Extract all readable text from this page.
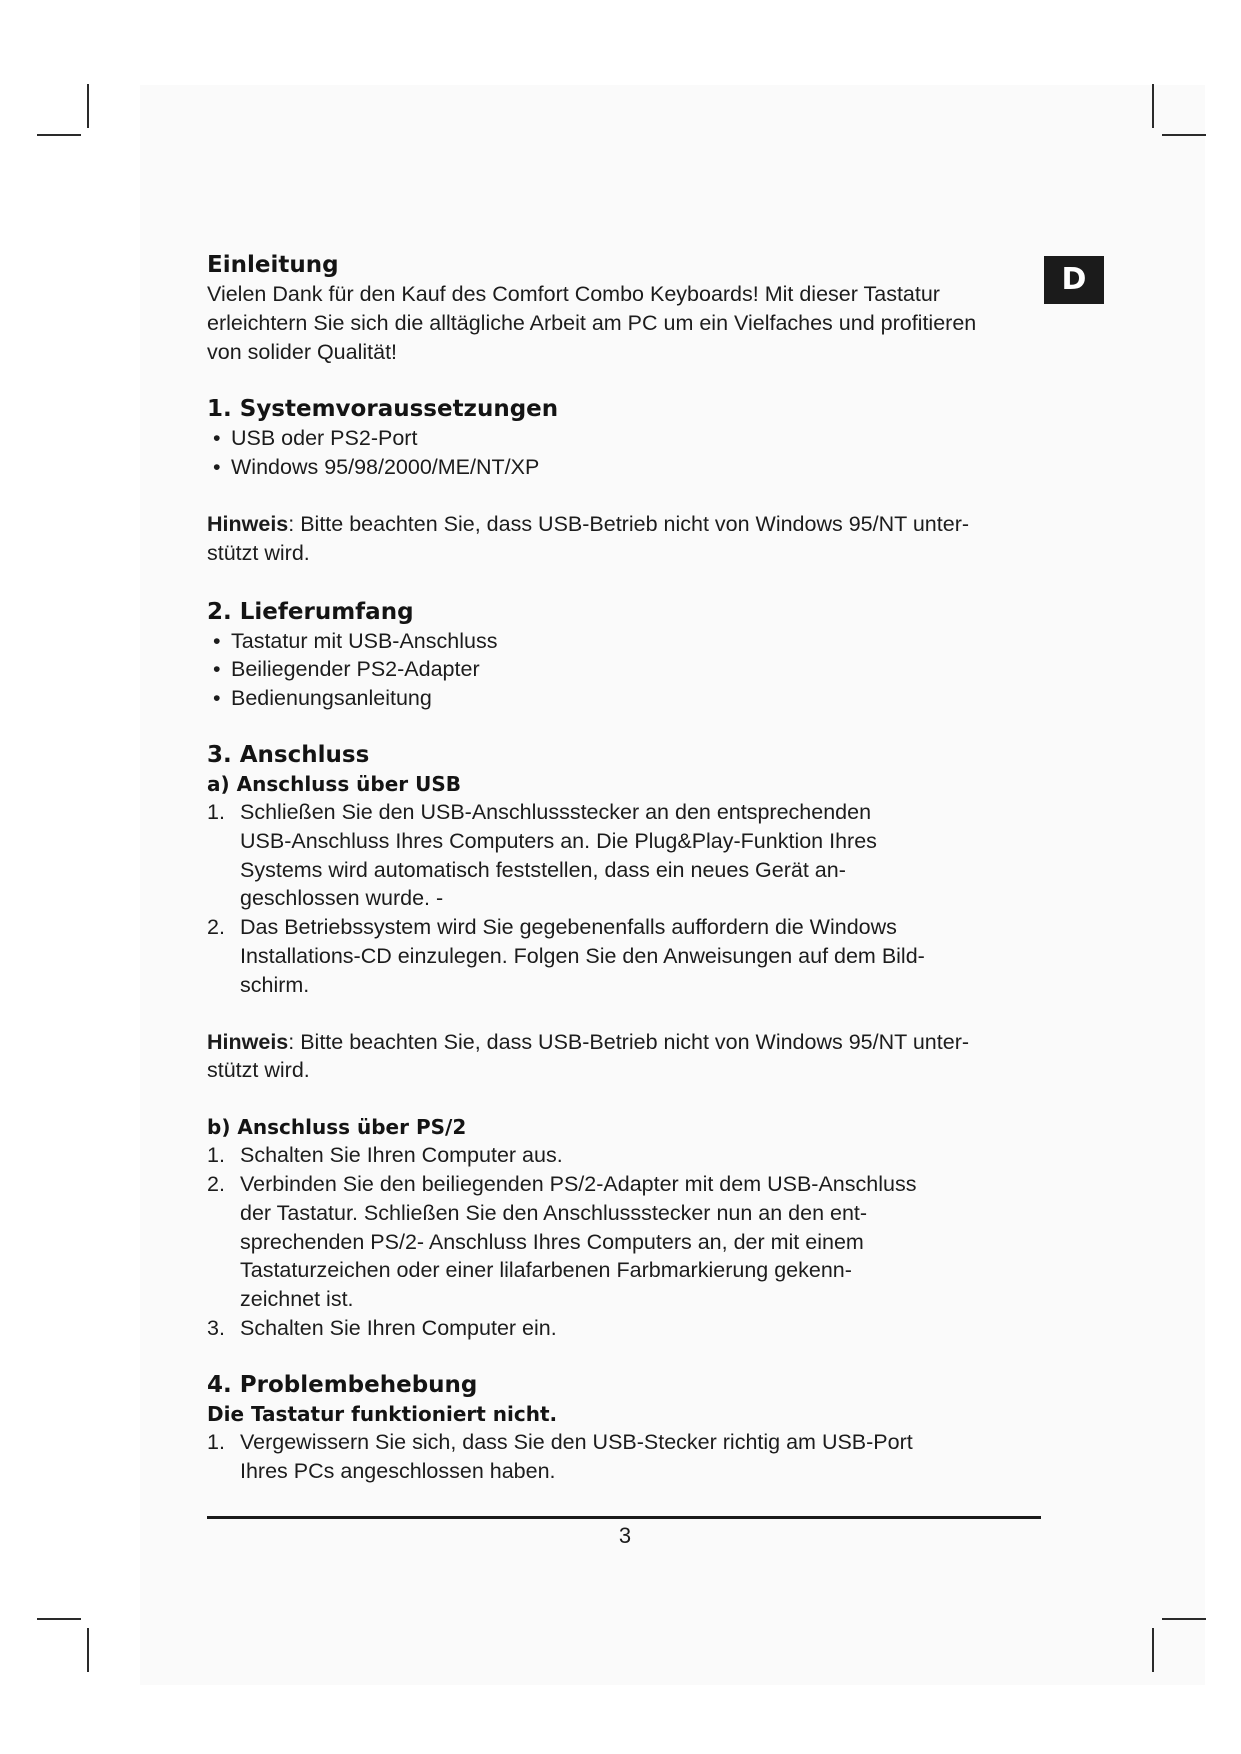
D
Einleitung

Vielen Dank für den Kauf des Comfort Combo Keyboards! Mit dieser Tastatur

erleichtern Sie sich die alltägliche Arbeit am PC um ein Vielfaches und profitieren

von solider Qualität!

1. Systemvoraussetzungen
• USB oder PS2-Port
• Windows 95/98/2000/ME/NT/XP

Hinweis: Bitte beachten Sie, dass USB-Betrieb nicht von Windows 95/NT unter-

stützt wird.

2. Lieferumfang
• Tastatur mit USB-Anschluss
• Beiliegender PS2-Adapter
• Bedienungsanleitung
3. Anschluss
a) Anschluss über USB
1. Schließen Sie den USB-Anschlussstecker an den entsprechenden

USB-Anschluss Ihres Computers an. Die Plug&Play-Funktion Ihres

Systems wird automatisch feststellen, dass ein neues Gerät an-

geschlossen wurde. -

2. Das Betriebssystem wird Sie gegebenenfalls auffordern die Windows

Installations-CD einzulegen. Folgen Sie den Anweisungen auf dem Bild-

schirm.

Hinweis: Bitte beachten Sie, dass USB-Betrieb nicht von Windows 95/NT unter-

stützt wird.

b) Anschluss über PS/2
1. Schalten Sie Ihren Computer aus.

2. Verbinden Sie den beiliegenden PS/2-Adapter mit dem USB-Anschluss

der Tastatur. Schließen Sie den Anschlussstecker nun an den ent-

sprechenden PS/2- Anschluss Ihres Computers an, der mit einem

Tastaturzeichen oder einer lilafarbenen Farbmarkierung gekenn-

zeichnet ist.

3. Schalten Sie Ihren Computer ein.

4. Problembehebung
Die Tastatur funktioniert nicht.
1. Vergewissern Sie sich, dass Sie den USB-Stecker richtig am USB-Port

Ihres PCs angeschlossen haben.

3
